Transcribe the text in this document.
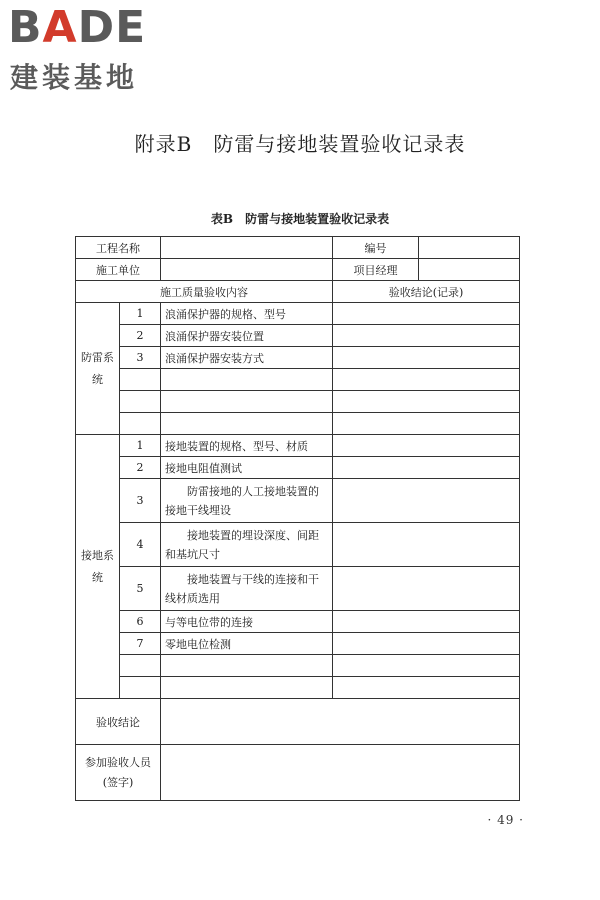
BADE
建装基地
附录B　防雷与接地装置验收记录表
表B　防雷与接地装置验收记录表
工程名称			编号	
施工单位			项目经理	
施工质量验收内容			验收结论(记录)	
防雷系统	1	浪涌保护器的规格、型号		
	2	浪涌保护器安装位置		
	3	浪涌保护器安装方式		

接地系统	1	接地装置的规格、型号、材质		
	2	接地电阻值测试		
	3	防雷接地的人工接地装置的接地干线埋设		
	4	接地装置的埋设深度、间距和基坑尺寸		
	5	接地装置与干线的连接和干线材质选用		
	6	与等电位带的连接		
	7	零地电位检测		

验收结论				

参加验收人员
(签字)				

· 49 ·
